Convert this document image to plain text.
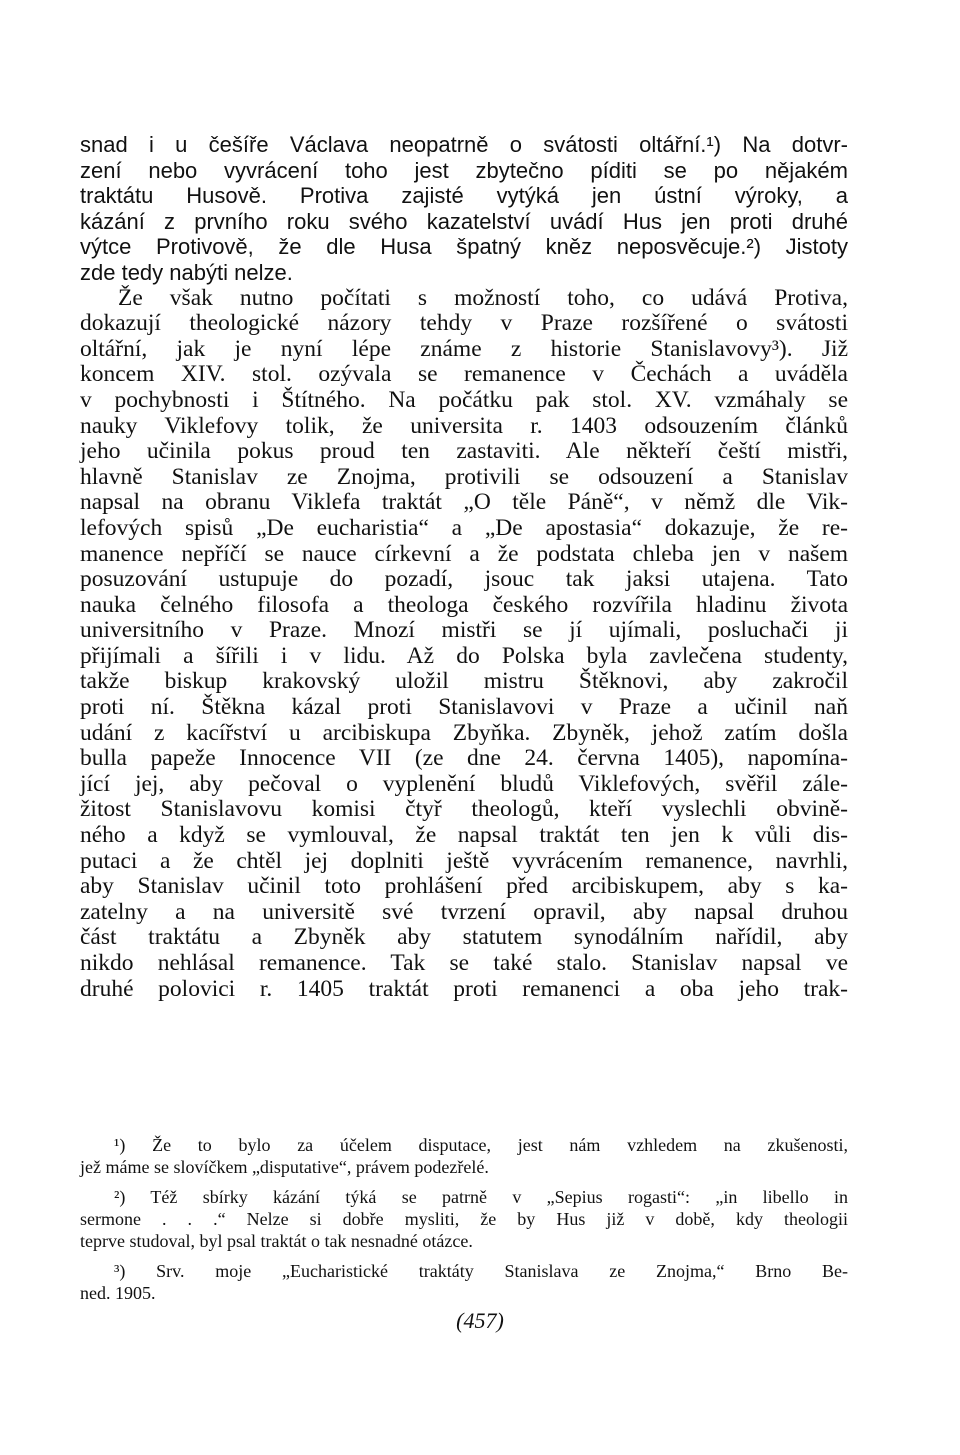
snad i u češíře Václava neopatrně o svátosti oltářní.¹) Na dotvr-
zení nebo vyvrácení toho jest zbytečno píditi se po nějakém
traktátu Husově. Protiva zajisté vytýká jen ústní výroky, a
kázání z prvního roku svého kazatelství uvádí Hus jen proti druhé
výtce Protivově, že dle Husa špatný kněz neposvěcuje.²) Jistoty
zde tedy nabýti nelze.
Že však nutno počítati s možností toho, co udává Protiva,
dokazují theologické názory tehdy v Praze rozšířené o svátosti
oltářní, jak je nyní lépe známe z historie Stanislavovy³). Již
koncem XIV. stol. ozývala se remanence v Čechách a uváděla
v pochybnosti i Štítného. Na počátku pak stol. XV. vzmáhaly se
nauky Viklefovy tolik, že universita r. 1403 odsouzením článků
jeho učinila pokus proud ten zastaviti. Ale někteří čeští mistři,
hlavně Stanislav ze Znojma, protivili se odsouzení a Stanislav
napsal na obranu Viklefa traktát „O těle Páně“, v němž dle Vik-
lefových spisů „De eucharistia“ a „De apostasia“ dokazuje, že re-
manence nepříčí se nauce církevní a že podstata chleba jen v našem
posuzování ustupuje do pozadí, jsouc tak jaksi utajena. Tato
nauka čelného filosofa a theologa českého rozvířila hladinu života
universitního v Praze. Mnozí mistři se jí ujímali, posluchači ji
přijímali a šířili i v lidu. Až do Polska byla zavlečena studenty,
takže biskup krakovský uložil mistru Štěknovi, aby zakročil
proti ní. Štěkna kázal proti Stanislavovi v Praze a učinil naň
udání z kacířství u arcibiskupa Zbyňka. Zbyněk, jehož zatím došla
bulla papeže Innocence VII (ze dne 24. června 1405), napomína-
jící jej, aby pečoval o vyplenění bludů Viklefových, svěřil zále-
žitost Stanislavovu komisi čtyř theologů, kteří vyslechli obvině-
ného a když se vymlouval, že napsal traktát ten jen k vůli dis-
putaci a že chtěl jej doplniti ještě vyvrácením remanence, navrhli,
aby Stanislav učinil toto prohlášení před arcibiskupem, aby s ka-
zatelny a na universitě své tvrzení opravil, aby napsal druhou
část traktátu a Zbyněk aby statutem synodálním nařídil, aby
nikdo nehlásal remanence. Tak se také stalo. Stanislav napsal ve
druhé polovici r. 1405 traktát proti remanenci a oba jeho trak-
¹) Že to bylo za účelem disputace, jest nám vzhledem na zkušenosti,
jež máme se slovíčkem „disputative“, právem podezřelé.
²) Též sbírky kázání týká se patrně v „Sepius rogasti“: „in libello in
sermone . . .“ Nelze si dobře mysliti, že by Hus již v době, kdy theologii
teprve studoval, byl psal traktát o tak nesnadné otázce.
³) Srv. moje „Eucharistické traktáty Stanislava ze Znojma,“ Brno Be-
ned. 1905.
(457)
